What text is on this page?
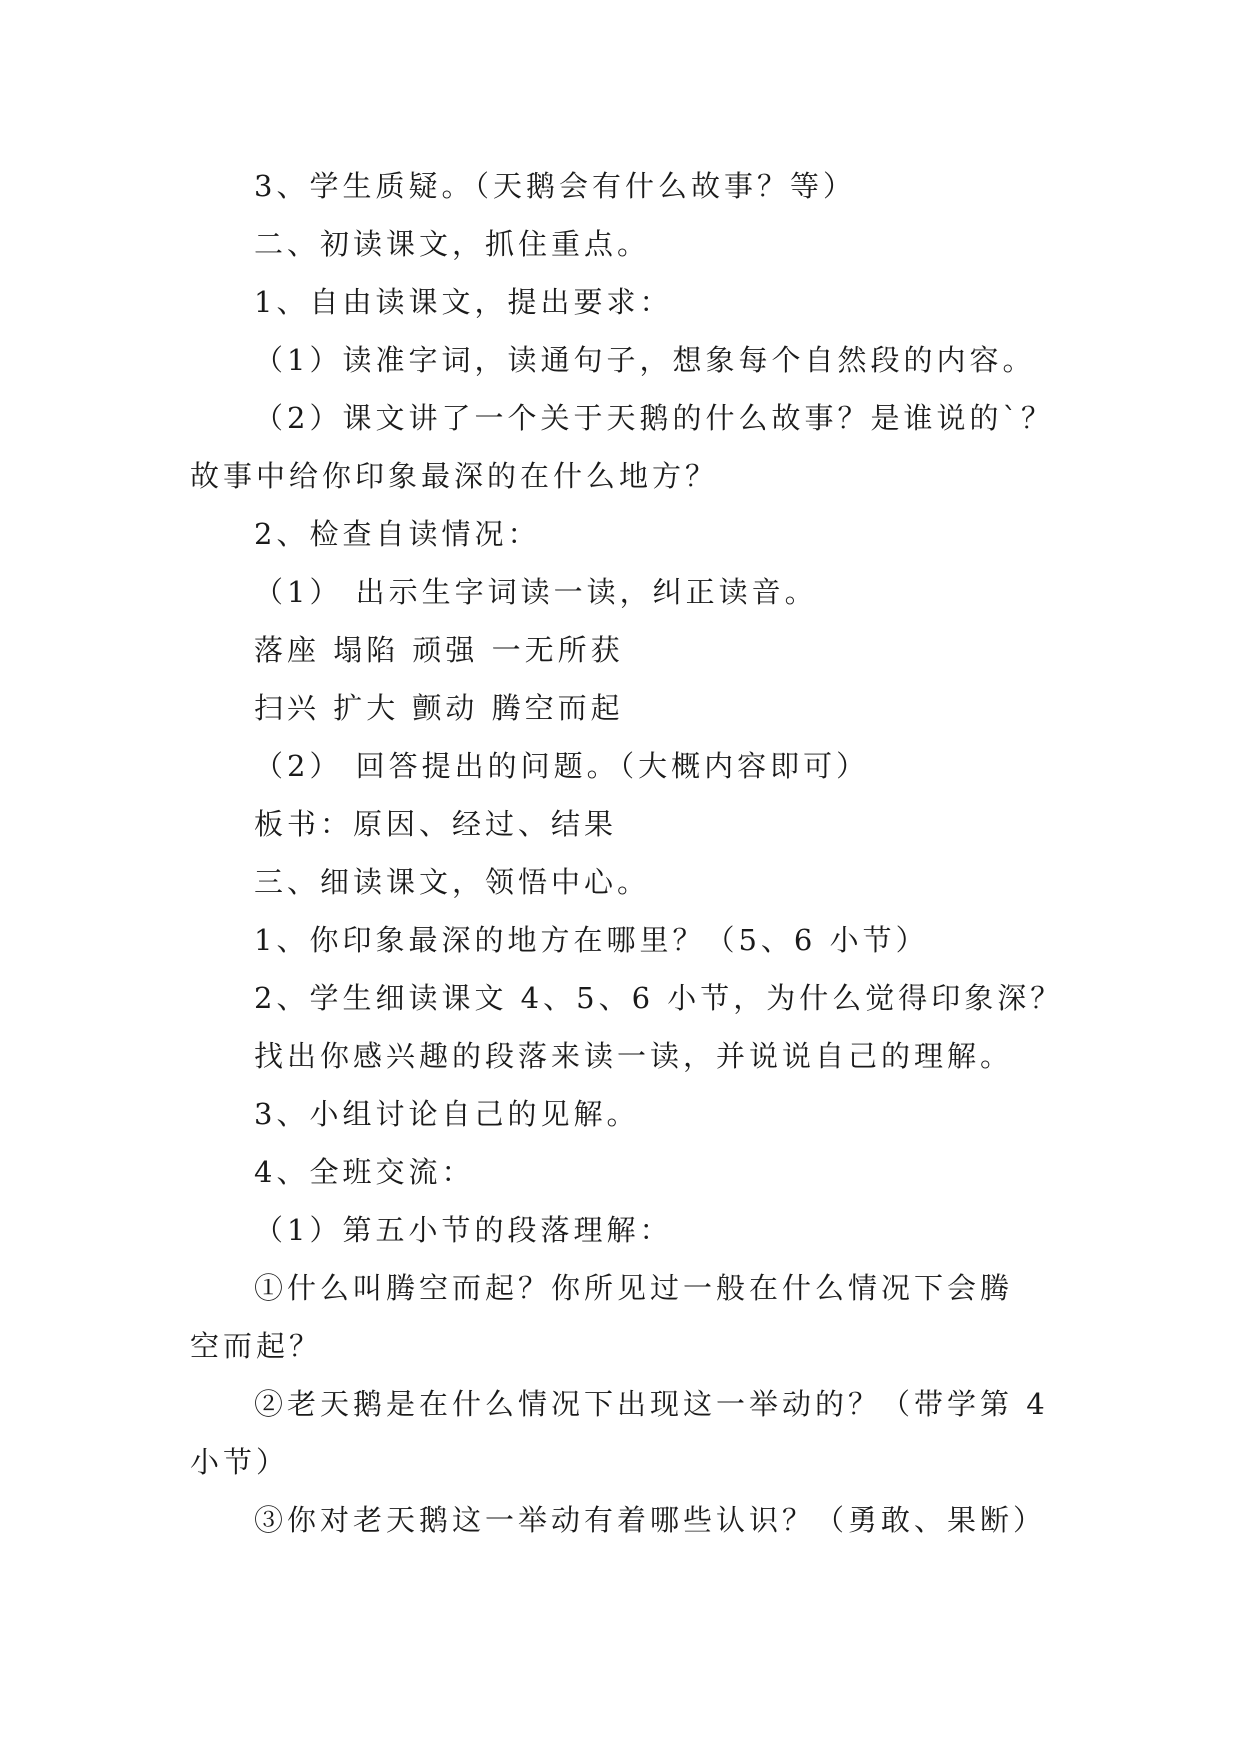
3、学生质疑。（天鹅会有什么故事？等）
二、初读课文，抓住重点。
1、自由读课文，提出要求：
（1）读准字词，读通句子，想象每个自然段的内容。
（2）课文讲了一个关于天鹅的什么故事？是谁说的`？
故事中给你印象最深的在什么地方？
2、检查自读情况：
（1） 出示生字词读一读，纠正读音。
落座 塌陷 顽强 一无所获
扫兴 扩大 颤动 腾空而起
（2） 回答提出的问题。（大概内容即可）
板书：原因、经过、结果
三、细读课文，领悟中心。
1、你印象最深的地方在哪里？（5、6 小节）
2、学生细读课文 4、5、6 小节，为什么觉得印象深？
找出你感兴趣的段落来读一读，并说说自己的理解。
3、小组讨论自己的见解。
4、全班交流：
（1）第五小节的段落理解：
①什么叫腾空而起？你所见过一般在什么情况下会腾
空而起？
②老天鹅是在什么情况下出现这一举动的？（带学第 4
小节）
③你对老天鹅这一举动有着哪些认识？（勇敢、果断）
